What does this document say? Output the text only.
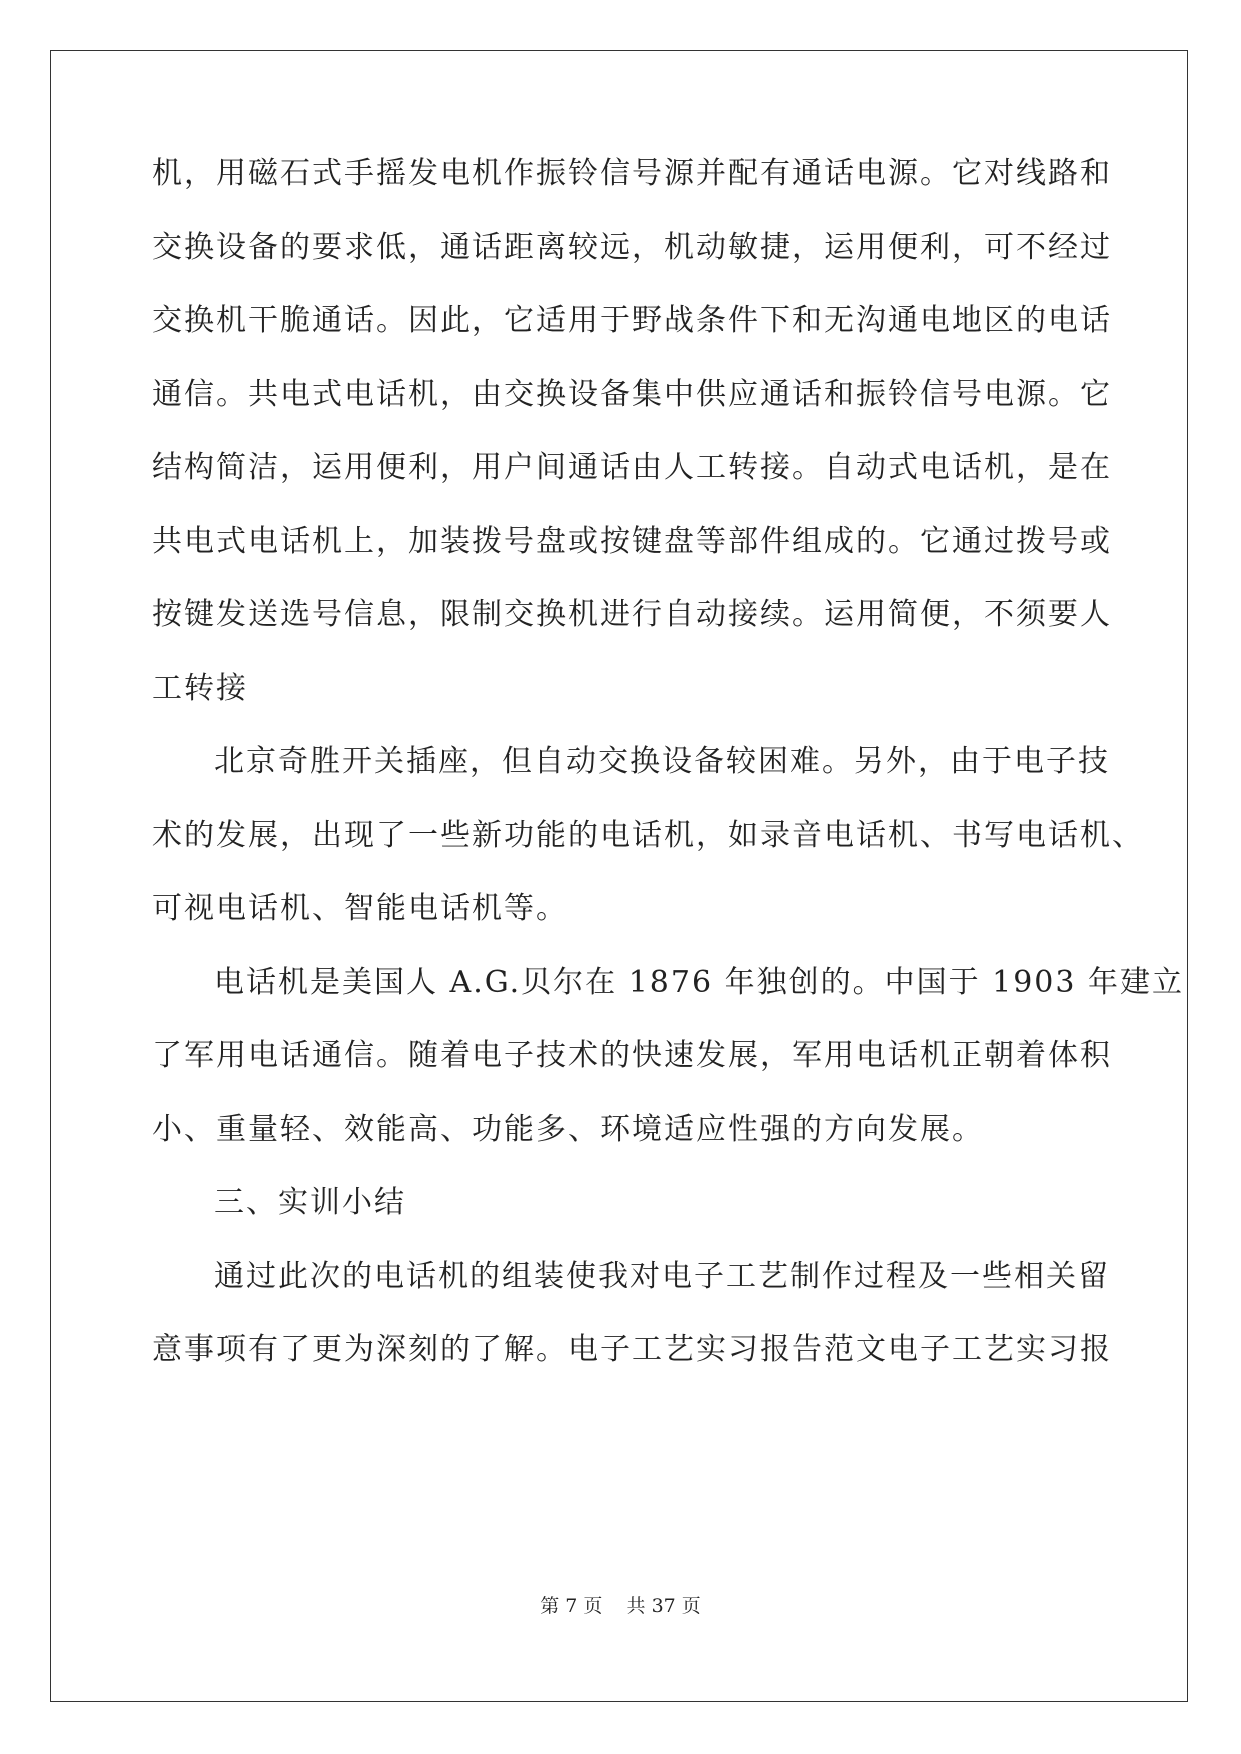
机，用磁石式手摇发电机作振铃信号源并配有通话电源。它对线路和
交换设备的要求低，通话距离较远，机动敏捷，运用便利，可不经过
交换机干脆通话。因此，它适用于野战条件下和无沟通电地区的电话
通信。共电式电话机，由交换设备集中供应通话和振铃信号电源。它
结构简洁，运用便利，用户间通话由人工转接。自动式电话机，是在
共电式电话机上，加装拨号盘或按键盘等部件组成的。它通过拨号或
按键发送选号信息，限制交换机进行自动接续。运用简便，不须要人
工转接
北京奇胜开关插座，但自动交换设备较困难。另外，由于电子技
术的发展，出现了一些新功能的电话机，如录音电话机、书写电话机、
可视电话机、智能电话机等。
电话机是美国人 A.G.贝尔在 1876 年独创的。中国于 1903 年建立
了军用电话通信。随着电子技术的快速发展，军用电话机正朝着体积
小、重量轻、效能高、功能多、环境适应性强的方向发展。
三、实训小结
通过此次的电话机的组装使我对电子工艺制作过程及一些相关留
意事项有了更为深刻的了解。电子工艺实习报告范文电子工艺实习报
第 7 页    共 37 页
